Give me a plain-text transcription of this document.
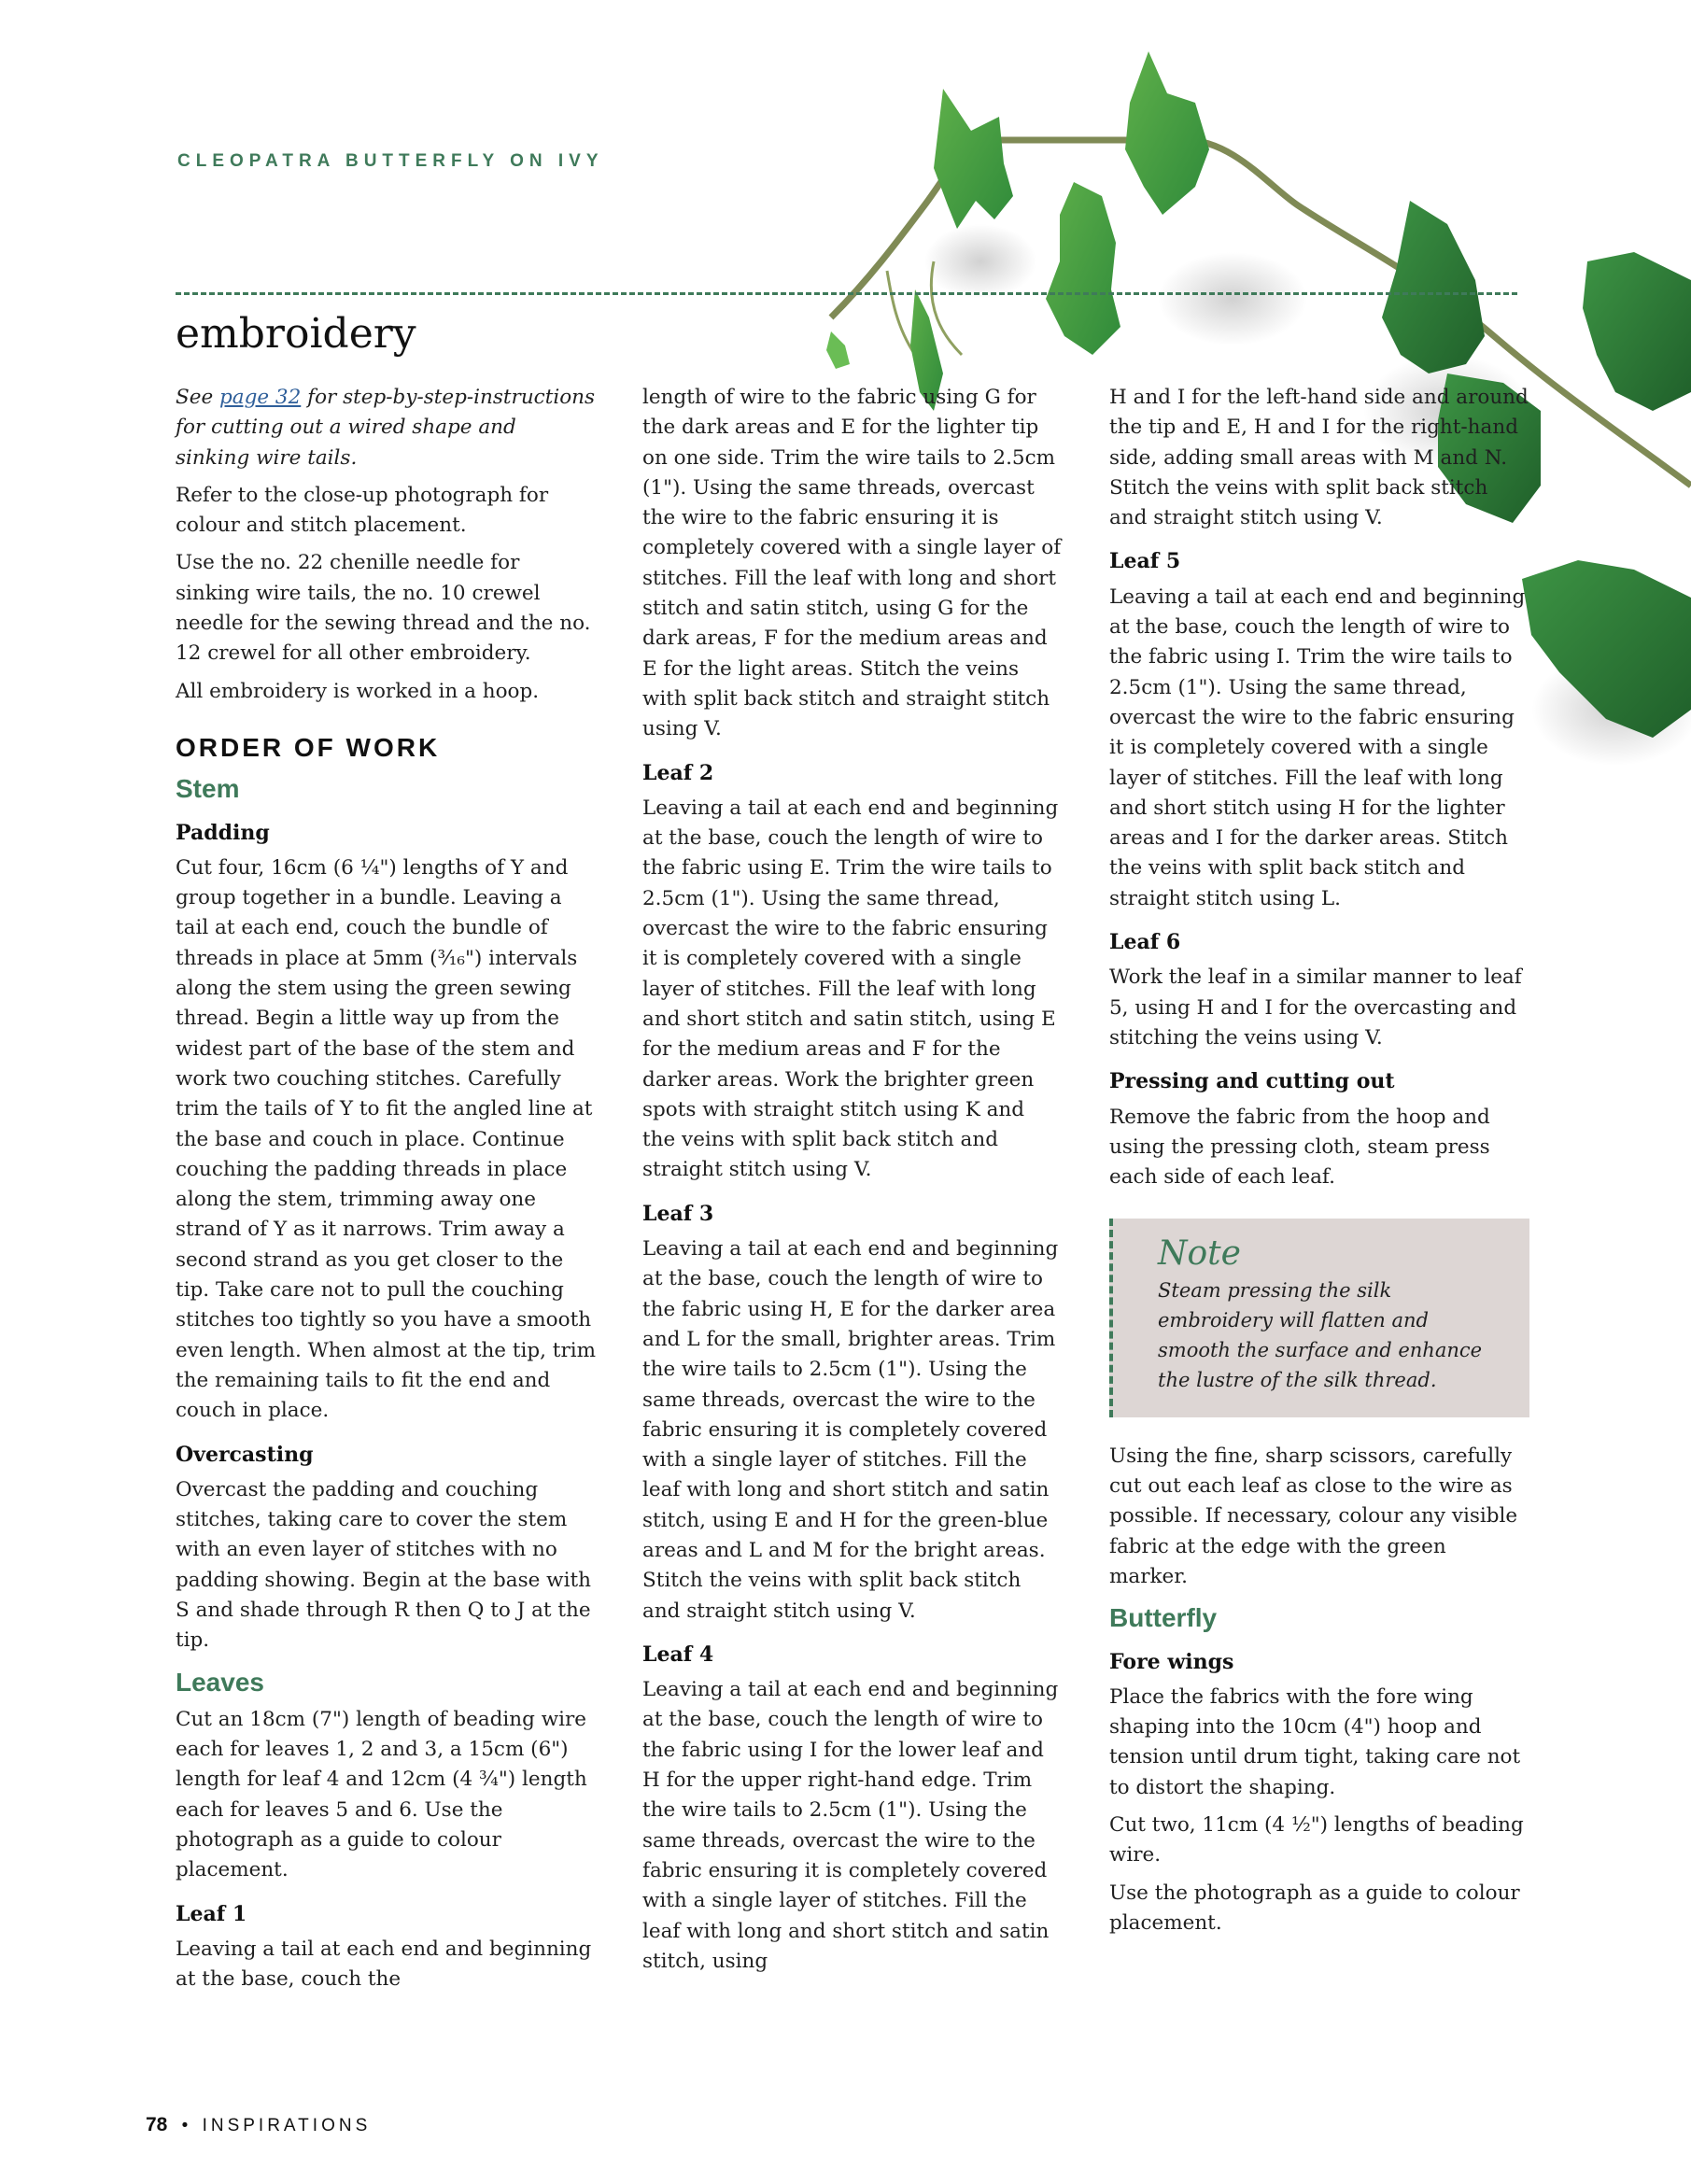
CLEOPATRA BUTTERFLY ON IVY
embroidery

See page 32 for step-by-step-instructions for cutting out a wired shape and sinking wire tails.

Refer to the close-up photograph for colour and stitch placement.

Use the no. 22 chenille needle for sinking wire tails, the no. 10 crewel needle for the sewing thread and the no. 12 crewel for all other embroidery.

All embroidery is worked in a hoop.

ORDER OF WORK
Stem
Padding

Cut four, 16cm (6 ¼") lengths of Y and group together in a bundle. Leaving a tail at each end, couch the bundle of threads in place at 5mm (³⁄₁₆") intervals along the stem using the green sewing thread. Begin a little way up from the widest part of the base of the stem and work two couching stitches. Carefully trim the tails of Y to fit the angled line at the base and couch in place. Continue couching the padding threads in place along the stem, trimming away one strand of Y as it narrows. Trim away a second strand as you get closer to the tip. Take care not to pull the couching stitches too tightly so you have a smooth even length. When almost at the tip, trim the remaining tails to fit the end and couch in place.

Overcasting

Overcast the padding and couching stitches, taking care to cover the stem with an even layer of stitches with no padding showing. Begin at the base with S and shade through R then Q to J at the tip.

Leaves

Cut an 18cm (7") length of beading wire each for leaves 1, 2 and 3, a 15cm (6") length for leaf 4 and 12cm (4 ¾") length each for leaves 5 and 6. Use the photograph as a guide to colour placement.

Leaf 1

Leaving a tail at each end and beginning at the base, couch the

length of wire to the fabric using G for the dark areas and E for the lighter tip on one side. Trim the wire tails to 2.5cm (1"). Using the same threads, overcast the wire to the fabric ensuring it is completely covered with a single layer of stitches. Fill the leaf with long and short stitch and satin stitch, using G for the dark areas, F for the medium areas and E for the light areas. Stitch the veins with split back stitch and straight stitch using V.

Leaf 2

Leaving a tail at each end and beginning at the base, couch the length of wire to the fabric using E. Trim the wire tails to 2.5cm (1"). Using the same thread, overcast the wire to the fabric ensuring it is completely covered with a single layer of stitches. Fill the leaf with long and short stitch and satin stitch, using E for the medium areas and F for the darker areas. Work the brighter green spots with straight stitch using K and the veins with split back stitch and straight stitch using V.

Leaf 3

Leaving a tail at each end and beginning at the base, couch the length of wire to the fabric using H, E for the darker area and L for the small, brighter areas. Trim the wire tails to 2.5cm (1"). Using the same threads, overcast the wire to the fabric ensuring it is completely covered with a single layer of stitches. Fill the leaf with long and short stitch and satin stitch, using E and H for the green-blue areas and L and M for the bright areas. Stitch the veins with split back stitch and straight stitch using V.

Leaf 4

Leaving a tail at each end and beginning at the base, couch the length of wire to the fabric using I for the lower leaf and H for the upper right-hand edge. Trim the wire tails to 2.5cm (1"). Using the same threads, overcast the wire to the fabric ensuring it is completely covered with a single layer of stitches. Fill the leaf with long and short stitch and satin stitch, using

H and I for the left-hand side and around the tip and E, H and I for the right-hand side, adding small areas with M and N. Stitch the veins with split back stitch and straight stitch using V.

Leaf 5

Leaving a tail at each end and beginning at the base, couch the length of wire to the fabric using I. Trim the wire tails to 2.5cm (1"). Using the same thread, overcast the wire to the fabric ensuring it is completely covered with a single layer of stitches. Fill the leaf with long and short stitch using H for the lighter areas and I for the darker areas. Stitch the veins with split back stitch and straight stitch using L.

Leaf 6

Work the leaf in a similar manner to leaf 5, using H and I for the overcasting and stitching the veins using V.

Pressing and cutting out

Remove the fabric from the hoop and using the pressing cloth, steam press each side of each leaf.

Note
Steam pressing the silk embroidery will flatten and smooth the surface and enhance the lustre of the silk thread.

Using the fine, sharp scissors, carefully cut out each leaf as close to the wire as possible. If necessary, colour any visible fabric at the edge with the green marker.

Butterfly
Fore wings

Place the fabrics with the fore wing shaping into the 10cm (4") hoop and tension until drum tight, taking care not to distort the shaping.

Cut two, 11cm (4 ½") lengths of beading wire.

Use the photograph as a guide to colour placement.

78 • INSPIRATIONS
